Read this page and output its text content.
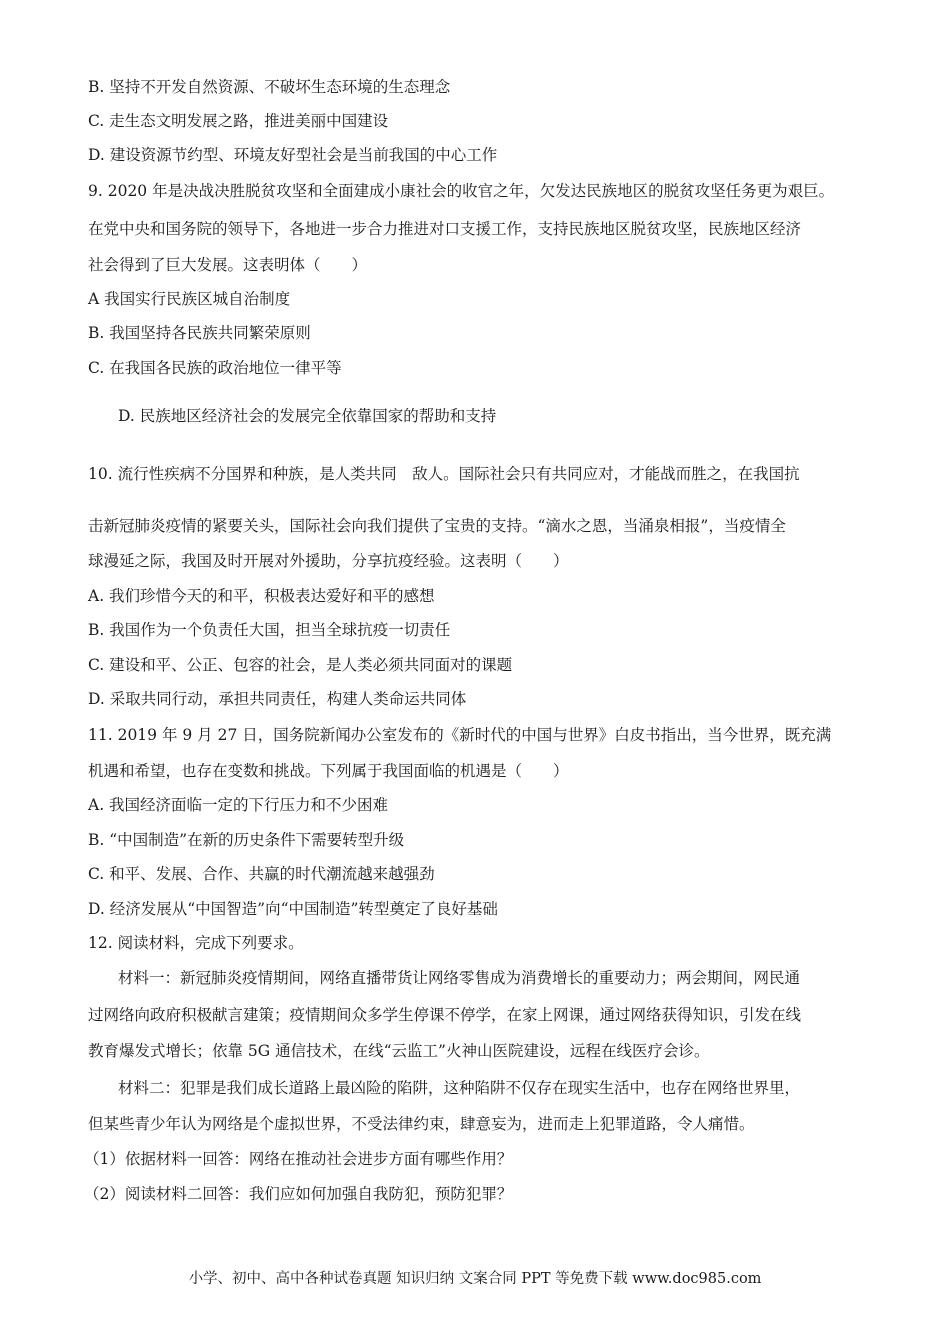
B. 坚持不开发自然资源、不破坏生态环境的生态理念
C. 走生态文明发展之路，推进美丽中国建设
D. 建设资源节约型、环境友好型社会是当前我国的中心工作
9. 2020 年是决战决胜脱贫攻坚和全面建成小康社会的收官之年，欠发达民族地区的脱贫攻坚任务更为艰巨。
在党中央和国务院的领导下，各地进一步合力推进对口支援工作，支持民族地区脱贫攻坚，民族地区经济
社会得到了巨大发展。这表明体（　　）
A 我国实行民族区城自治制度
B. 我国坚持各民族共同繁荣原则
C. 在我国各民族的政治地位一律平等
D. 民族地区经济社会的发展完全依靠国家的帮助和支持
10. 流行性疾病不分国界和种族，是人类共同　敌人。国际社会只有共同应对，才能战而胜之，在我国抗
击新冠肺炎疫情的紧要关头，国际社会向我们提供了宝贵的支持。“滴水之恩，当涌泉相报”，当疫情全
球漫延之际，我国及时开展对外援助，分享抗疫经验。这表明（　　）
A. 我们珍惜今天的和平，积极表达爱好和平的感想
B. 我国作为一个负责任大国，担当全球抗疫一切责任
C. 建设和平、公正、包容的社会，是人类必须共同面对的课题
D. 采取共同行动，承担共同责任，构建人类命运共同体
11. 2019 年 9 月 27 日，国务院新闻办公室发布的《新时代的中国与世界》白皮书指出，当今世界，既充满
机遇和希望，也存在变数和挑战。下列属于我国面临的机遇是（　　）
A. 我国经济面临一定的下行压力和不少困难
B. “中国制造”在新的历史条件下需要转型升级
C. 和平、发展、合作、共赢的时代潮流越来越强劲
D. 经济发展从“中国智造”向“中国制造”转型奠定了良好基础
12. 阅读材料，完成下列要求。
材料一：新冠肺炎疫情期间，网络直播带货让网络零售成为消费增长的重要动力；两会期间，网民通
过网络向政府积极献言建策；疫情期间众多学生停课不停学，在家上网课，通过网络获得知识，引发在线
教育爆发式增长；依靠 5G 通信技术，在线“云监工”火神山医院建设，远程在线医疗会诊。
材料二：犯罪是我们成长道路上最凶险的陷阱，这种陷阱不仅存在现实生活中，也存在网络世界里，
但某些青少年认为网络是个虚拟世界，不受法律约束，肆意妄为，进而走上犯罪道路，令人痛惜。
（1）依据材料一回答：网络在推动社会进步方面有哪些作用？
（2）阅读材料二回答：我们应如何加强自我防犯，预防犯罪？
小学、初中、高中各种试卷真题 知识归纳 文案合同 PPT 等免费下载 www.doc985.com
